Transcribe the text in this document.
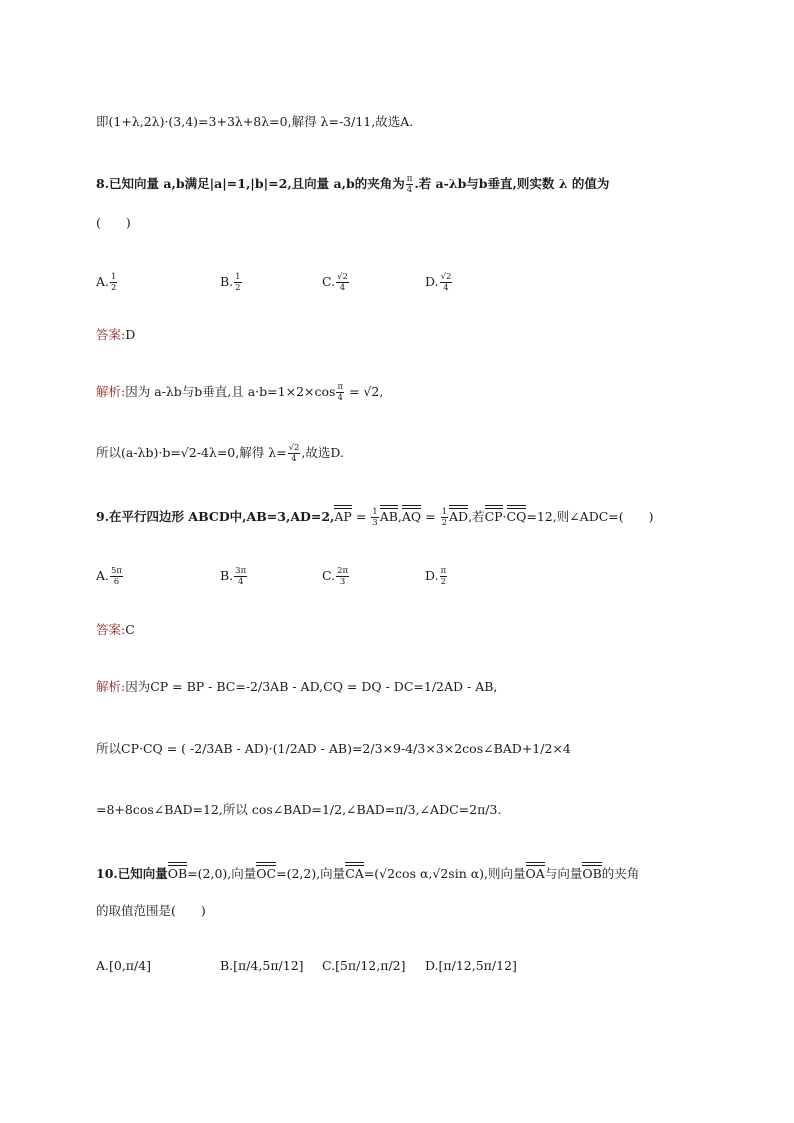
即(1+λ,2λ)·(3,4)=3+3λ+8λ=0,解得 λ=-3/11,故选A.
8.已知向量 a,b满足|a|=1,|b|=2,且向量 a,b的夹角为 $\frac{\pi}{4}$ .若 a-λb与b垂直,则实数 λ 的值为
(　　)
A. $\frac{1}{2}$	B. $\frac{1}{2}$	C. $\frac{√2}{4}$	D. $\frac{√2}{4}$
答案:D
解析:因为 a-λb与b垂直,且 $a\cdot b=1\times 2\times\cos \frac{\pi}{4} = √2$,
所以(a-λb)·b=√2-4λ=0,解得 $\lambda= \frac{√2}{4}$ ,故选D.
9.在平行四边形 ABCD中$,AB=3,AD=2,AP = \frac{1}{3} AB,AQ = \frac{1}{2}$ AD,若CP·CQ=12,则∠ADC=(　　)
A. $\frac{5\pi}{6}$	B. $\frac{3\pi}{4}$	C. $\frac{2\pi}{3}$	D. $\frac{\pi}{2}$
答案:C
解析:因为CP = BP - BC=-2/3AB - AD,CQ = DQ - DC=1/2AD - AB,
所以CP·CQ = ( -2/3AB - AD)·(1/2AD - AB)=2/3×9-4/3×3×2cos∠BAD+1/2×4
=8+8cos∠BAD=12,所以 cos∠BAD=1/2,∠BAD=π/3,∠ADC=2π/3.
10.已知向量OB=(2,0),向量OC=(2,2),向量CA=(√2cos α,√2sin α),则向量OA与向量OB的夹角
的取值范围是(　　)
A.[0,π/4]	B.[π/4,5π/12] C.[5π/12,π/2] D.[π/12,5π/12]
